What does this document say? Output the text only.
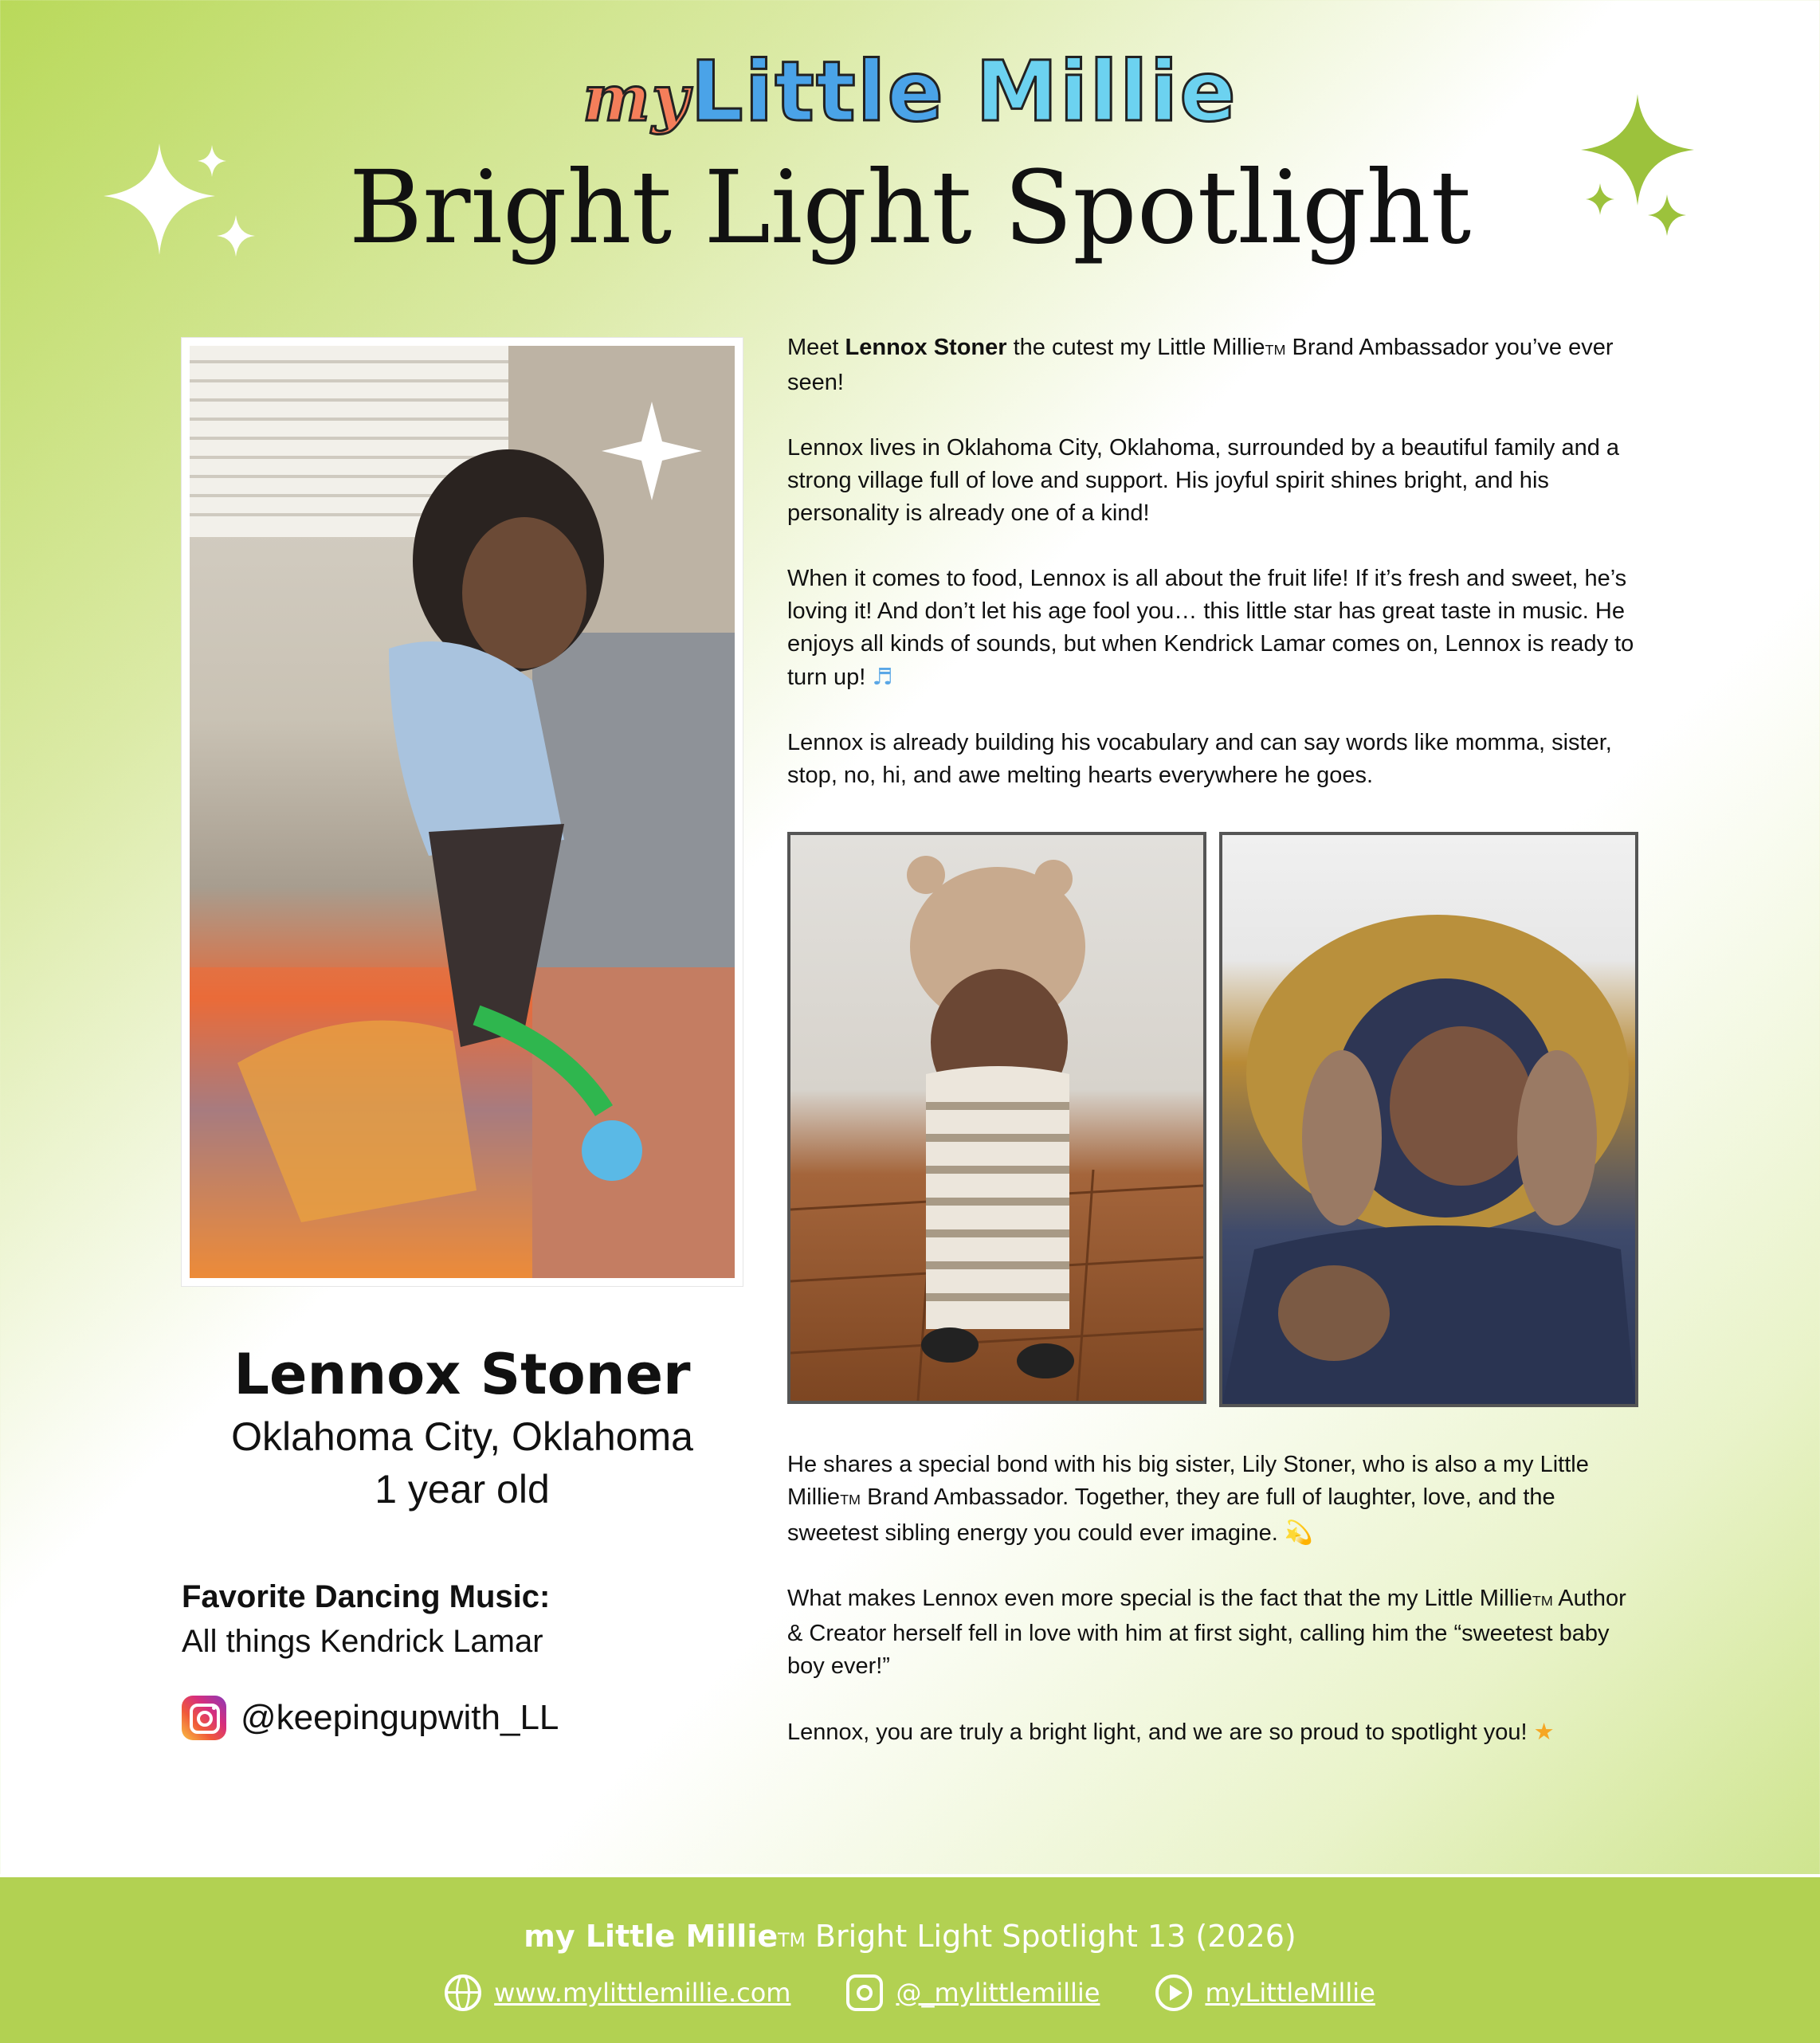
myLittle Millie
Bright Light Spotlight
Lennox Stoner
Oklahoma City, Oklahoma
1 year old
Favorite Dancing Music:
All things Kendrick Lamar
@keepingupwith_LL

Meet Lennox Stoner the cutest my Little MillieTM Brand Ambassador you’ve ever seen!

Lennox lives in Oklahoma City, Oklahoma, surrounded by a beautiful family and a strong village full of love and support. His joyful spirit shines bright, and his personality is already one of a kind!

When it comes to food, Lennox is all about the fruit life! If it’s fresh and sweet, he’s loving it! And don’t let his age fool you… this little star has great taste in music. He enjoys all kinds of sounds, but when Kendrick Lamar comes on, Lennox is ready to turn up! ♬

Lennox is already building his vocabulary and can say words like momma, sister, stop, no, hi, and awe melting hearts everywhere he goes.

He shares a special bond with his big sister, Lily Stoner, who is also a my Little MillieTM Brand Ambassador. Together, they are full of laughter, love, and the sweetest sibling energy you could ever imagine. 💫

What makes Lennox even more special is the fact that the my Little MillieTM Author & Creator herself fell in love with him at first sight, calling him the “sweetest baby boy ever!”

Lennox, you are truly a bright light, and we are so proud to spotlight you! ★

my Little MillieTM Bright Light Spotlight 13 (2026)
www.mylittlemillie.com	@_mylittlemillie	myLittleMillie
